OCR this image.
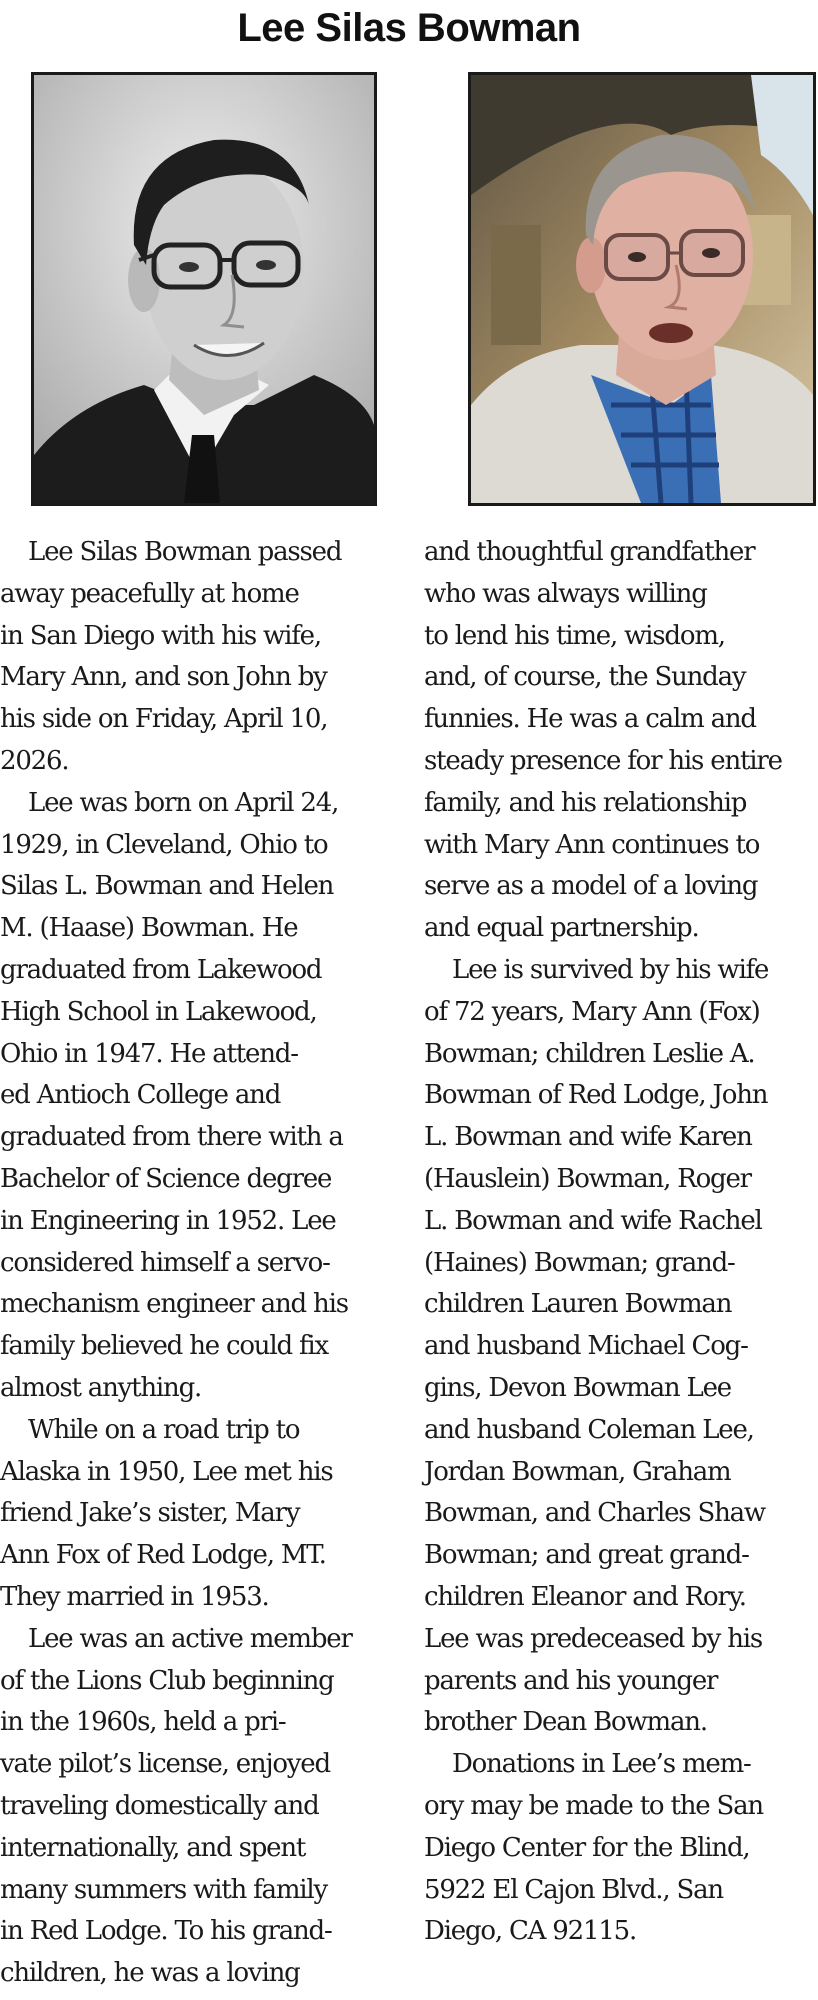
Lee Silas Bowman
Lee Silas Bowman passed
away peacefully at home
in San Diego with his wife,
Mary Ann, and son John by
his side on Friday, April 10,
2026.
Lee was born on April 24,
1929, in Cleveland, Ohio to
Silas L. Bowman and Helen
M. (Haase) Bowman. He
graduated from Lakewood
High School in Lakewood,
Ohio in 1947. He attend-
ed Antioch College and
graduated from there with a
Bachelor of Science degree
in Engineering in 1952. Lee
considered himself a servo-
mechanism engineer and his
family believed he could fix
almost anything.
While on a road trip to
Alaska in 1950, Lee met his
friend Jake’s sister, Mary
Ann Fox of Red Lodge, MT.
They married in 1953.
Lee was an active member
of the Lions Club beginning
in the 1960s, held a pri-
vate pilot’s license, enjoyed
traveling domestically and
internationally, and spent
many summers with family
in Red Lodge. To his grand-
children, he was a loving
and thoughtful grandfather
who was always willing
to lend his time, wisdom,
and, of course, the Sunday
funnies. He was a calm and
steady presence for his entire
family, and his relationship
with Mary Ann continues to
serve as a model of a loving
and equal partnership.
Lee is survived by his wife
of 72 years, Mary Ann (Fox)
Bowman; children Leslie A.
Bowman of Red Lodge, John
L. Bowman and wife Karen
(Hauslein) Bowman, Roger
L. Bowman and wife Rachel
(Haines) Bowman; grand-
children Lauren Bowman
and husband Michael Cog-
gins, Devon Bowman Lee
and husband Coleman Lee,
Jordan Bowman, Graham
Bowman, and Charles Shaw
Bowman; and great grand-
children Eleanor and Rory.
Lee was predeceased by his
parents and his younger
brother Dean Bowman.
Donations in Lee’s mem-
ory may be made to the San
Diego Center for the Blind,
5922 El Cajon Blvd., San
Diego, CA 92115.
